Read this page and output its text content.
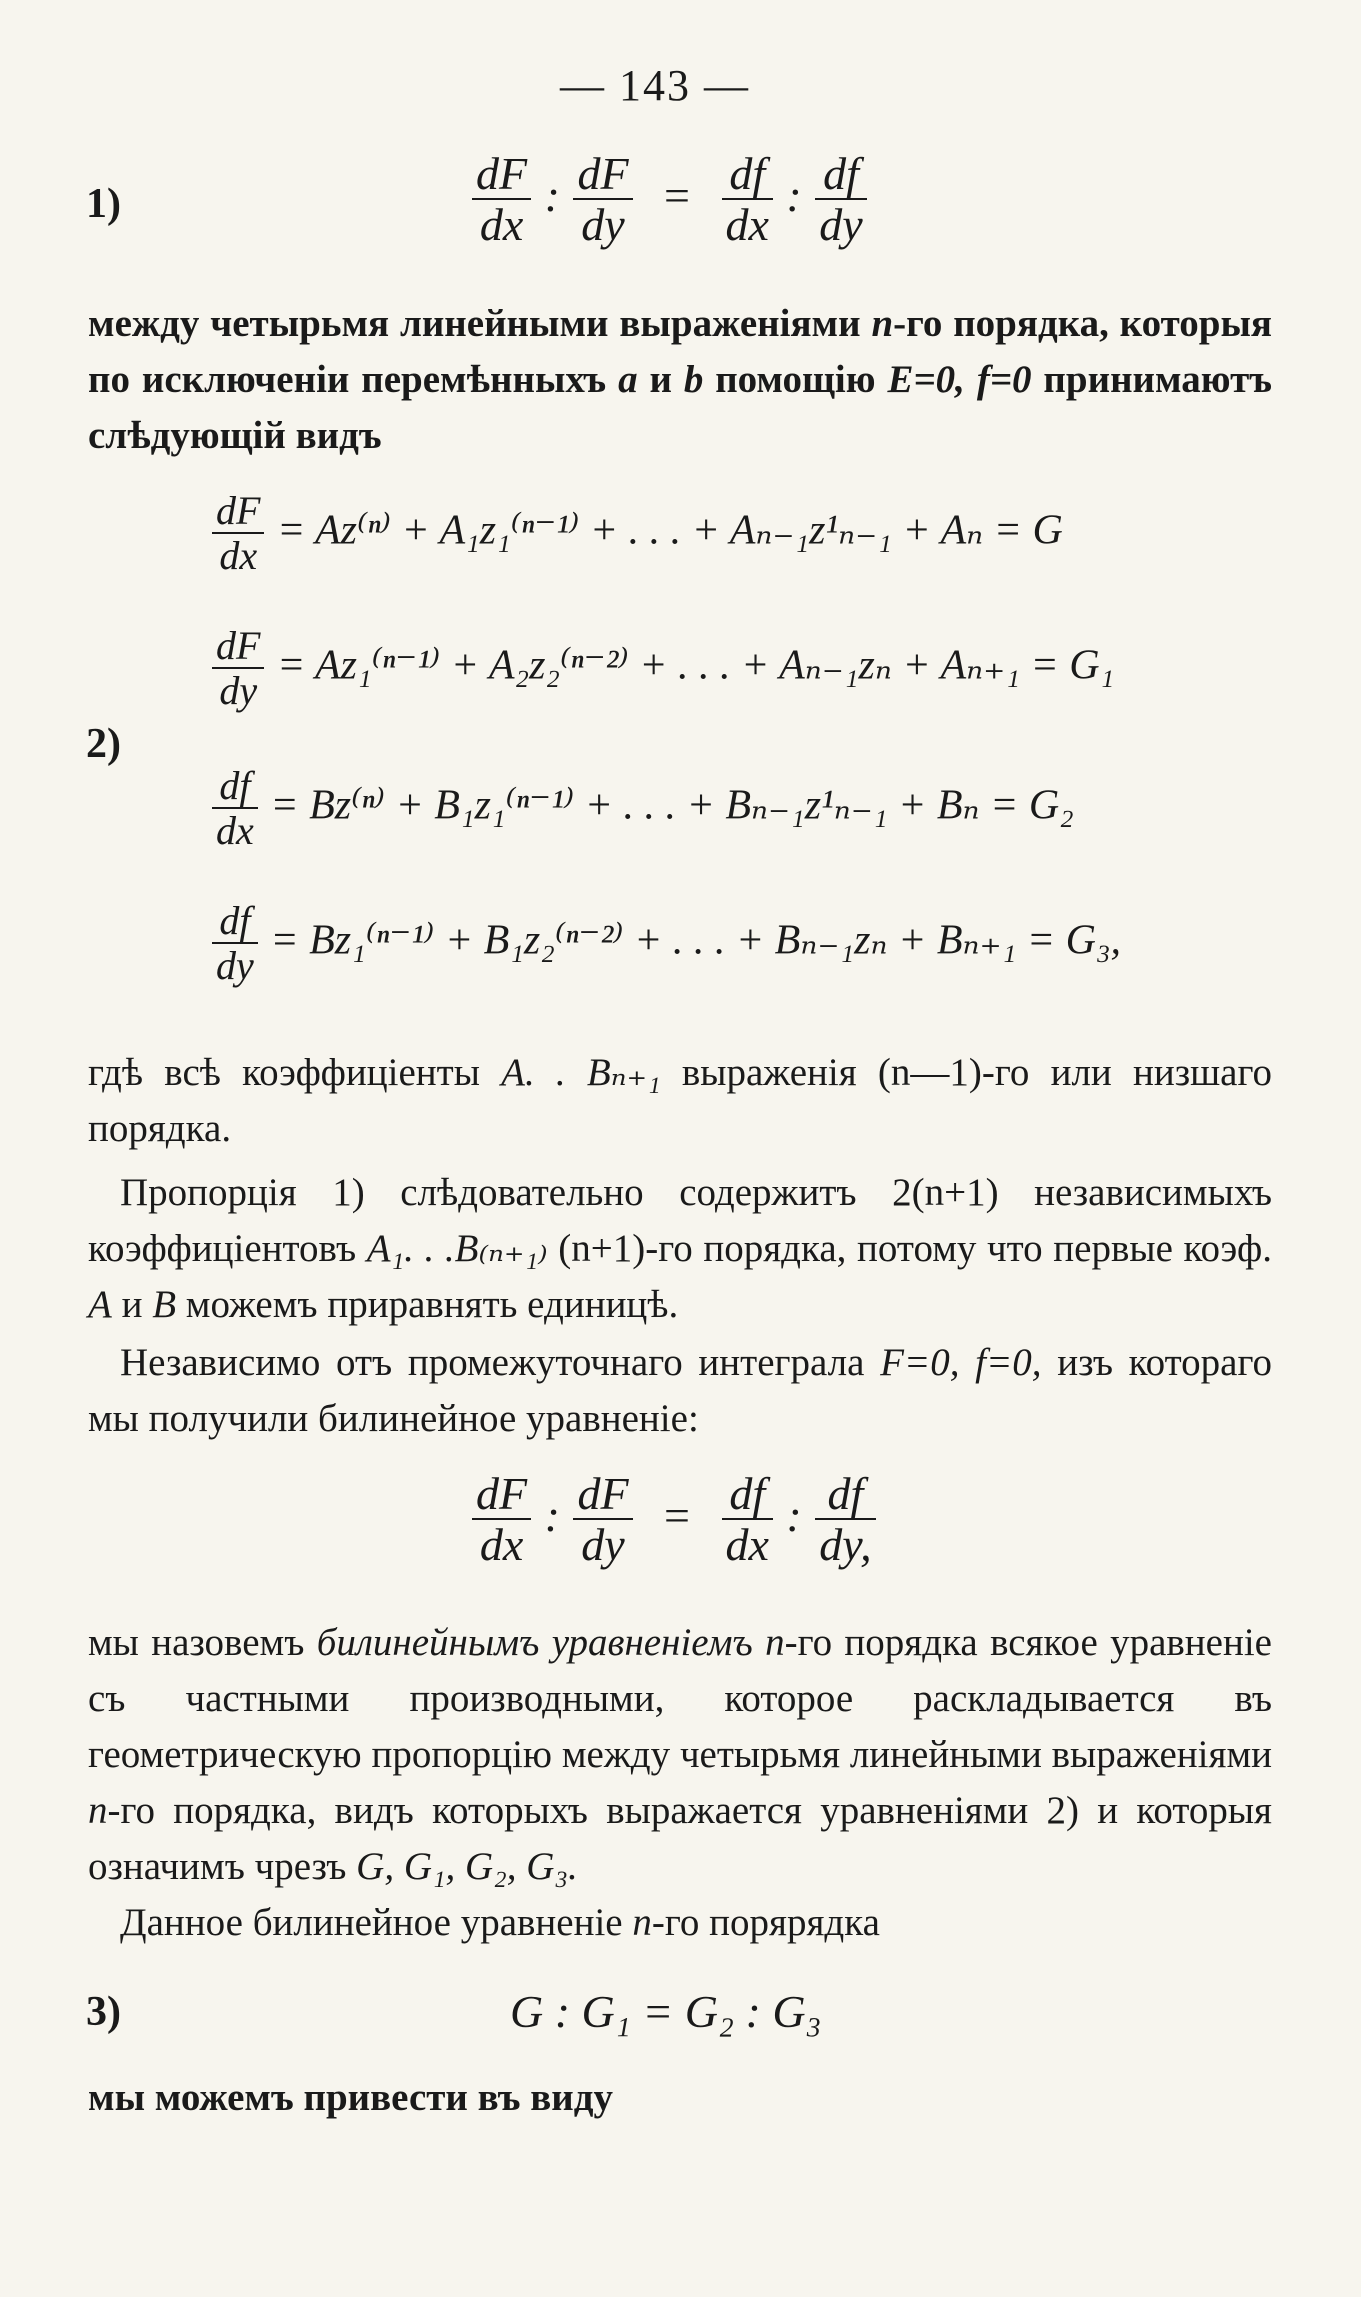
— 143 —
1)	$\frac{dF}{dx}$ : $\frac{dF}{dy} = \frac{df}{dx}$ : $\frac{df}{dy}$

между четырьмя линейными выраженіями n-го порядка, которыя по исключеніи перемѣнныхъ a и b помощію E=0, f=0 принимаютъ слѣдующій видъ

2)
$\frac{dF}{dx} = Az^{(n)} + A_1z_1^{(n-1)}$ + . . . + Aₙ₋₁z¹ₙ₋₁ + Aₙ = G
$\frac{dF}{dy} = Az_1^{(n-1)} + A_2z_2^{(n-2)}$ + . . . + Aₙ₋₁zₙ + Aₙ₊₁ = G₁
$\frac{df}{dx} = Bz^{(n)} + B_1z_1^{(n-1)}$ + . . . + Bₙ₋₁z¹ₙ₋₁ + Bₙ = G₂
$\frac{df}{dy} = Bz_1^{(n-1)} + B_1z_2^{(n-2)}$ + . . . + Bₙ₋₁zₙ + Bₙ₊₁ = G₃,

гдѣ всѣ коэффиціенты A. . Bₙ₊₁ выраженія (n—1)-го или низшаго порядка.

Пропорція 1) слѣдовательно содержитъ 2(n+1) независимыхъ коэффиціентовъ A₁. . .B₍ₙ₊₁₎ (n+1)-го порядка, потому что первые коэф. A и B можемъ приравнять единицѣ.

Независимо отъ промежуточнаго интеграла F=0, f=0, изъ котораго мы получили билинейное уравненіе:

$\frac{dF}{dx}$ : $\frac{dF}{dy} = \frac{df}{dx}$ : $\frac{df}{dy,}$

мы назовемъ билинейнымъ уравненіемъ n-го порядка всякое уравненіе съ частными производными, которое раскладывается въ геометрическую пропорцію между четырьмя линейными выраженіями n-го порядка, видъ которыхъ выражается уравненіями 2) и которыя означимъ чрезъ G, G₁, G₂, G₃.

Данное билинейное уравненіе n-го порярядка

3)	G : G₁ = G₂ : G₃

мы можемъ привести въ виду
